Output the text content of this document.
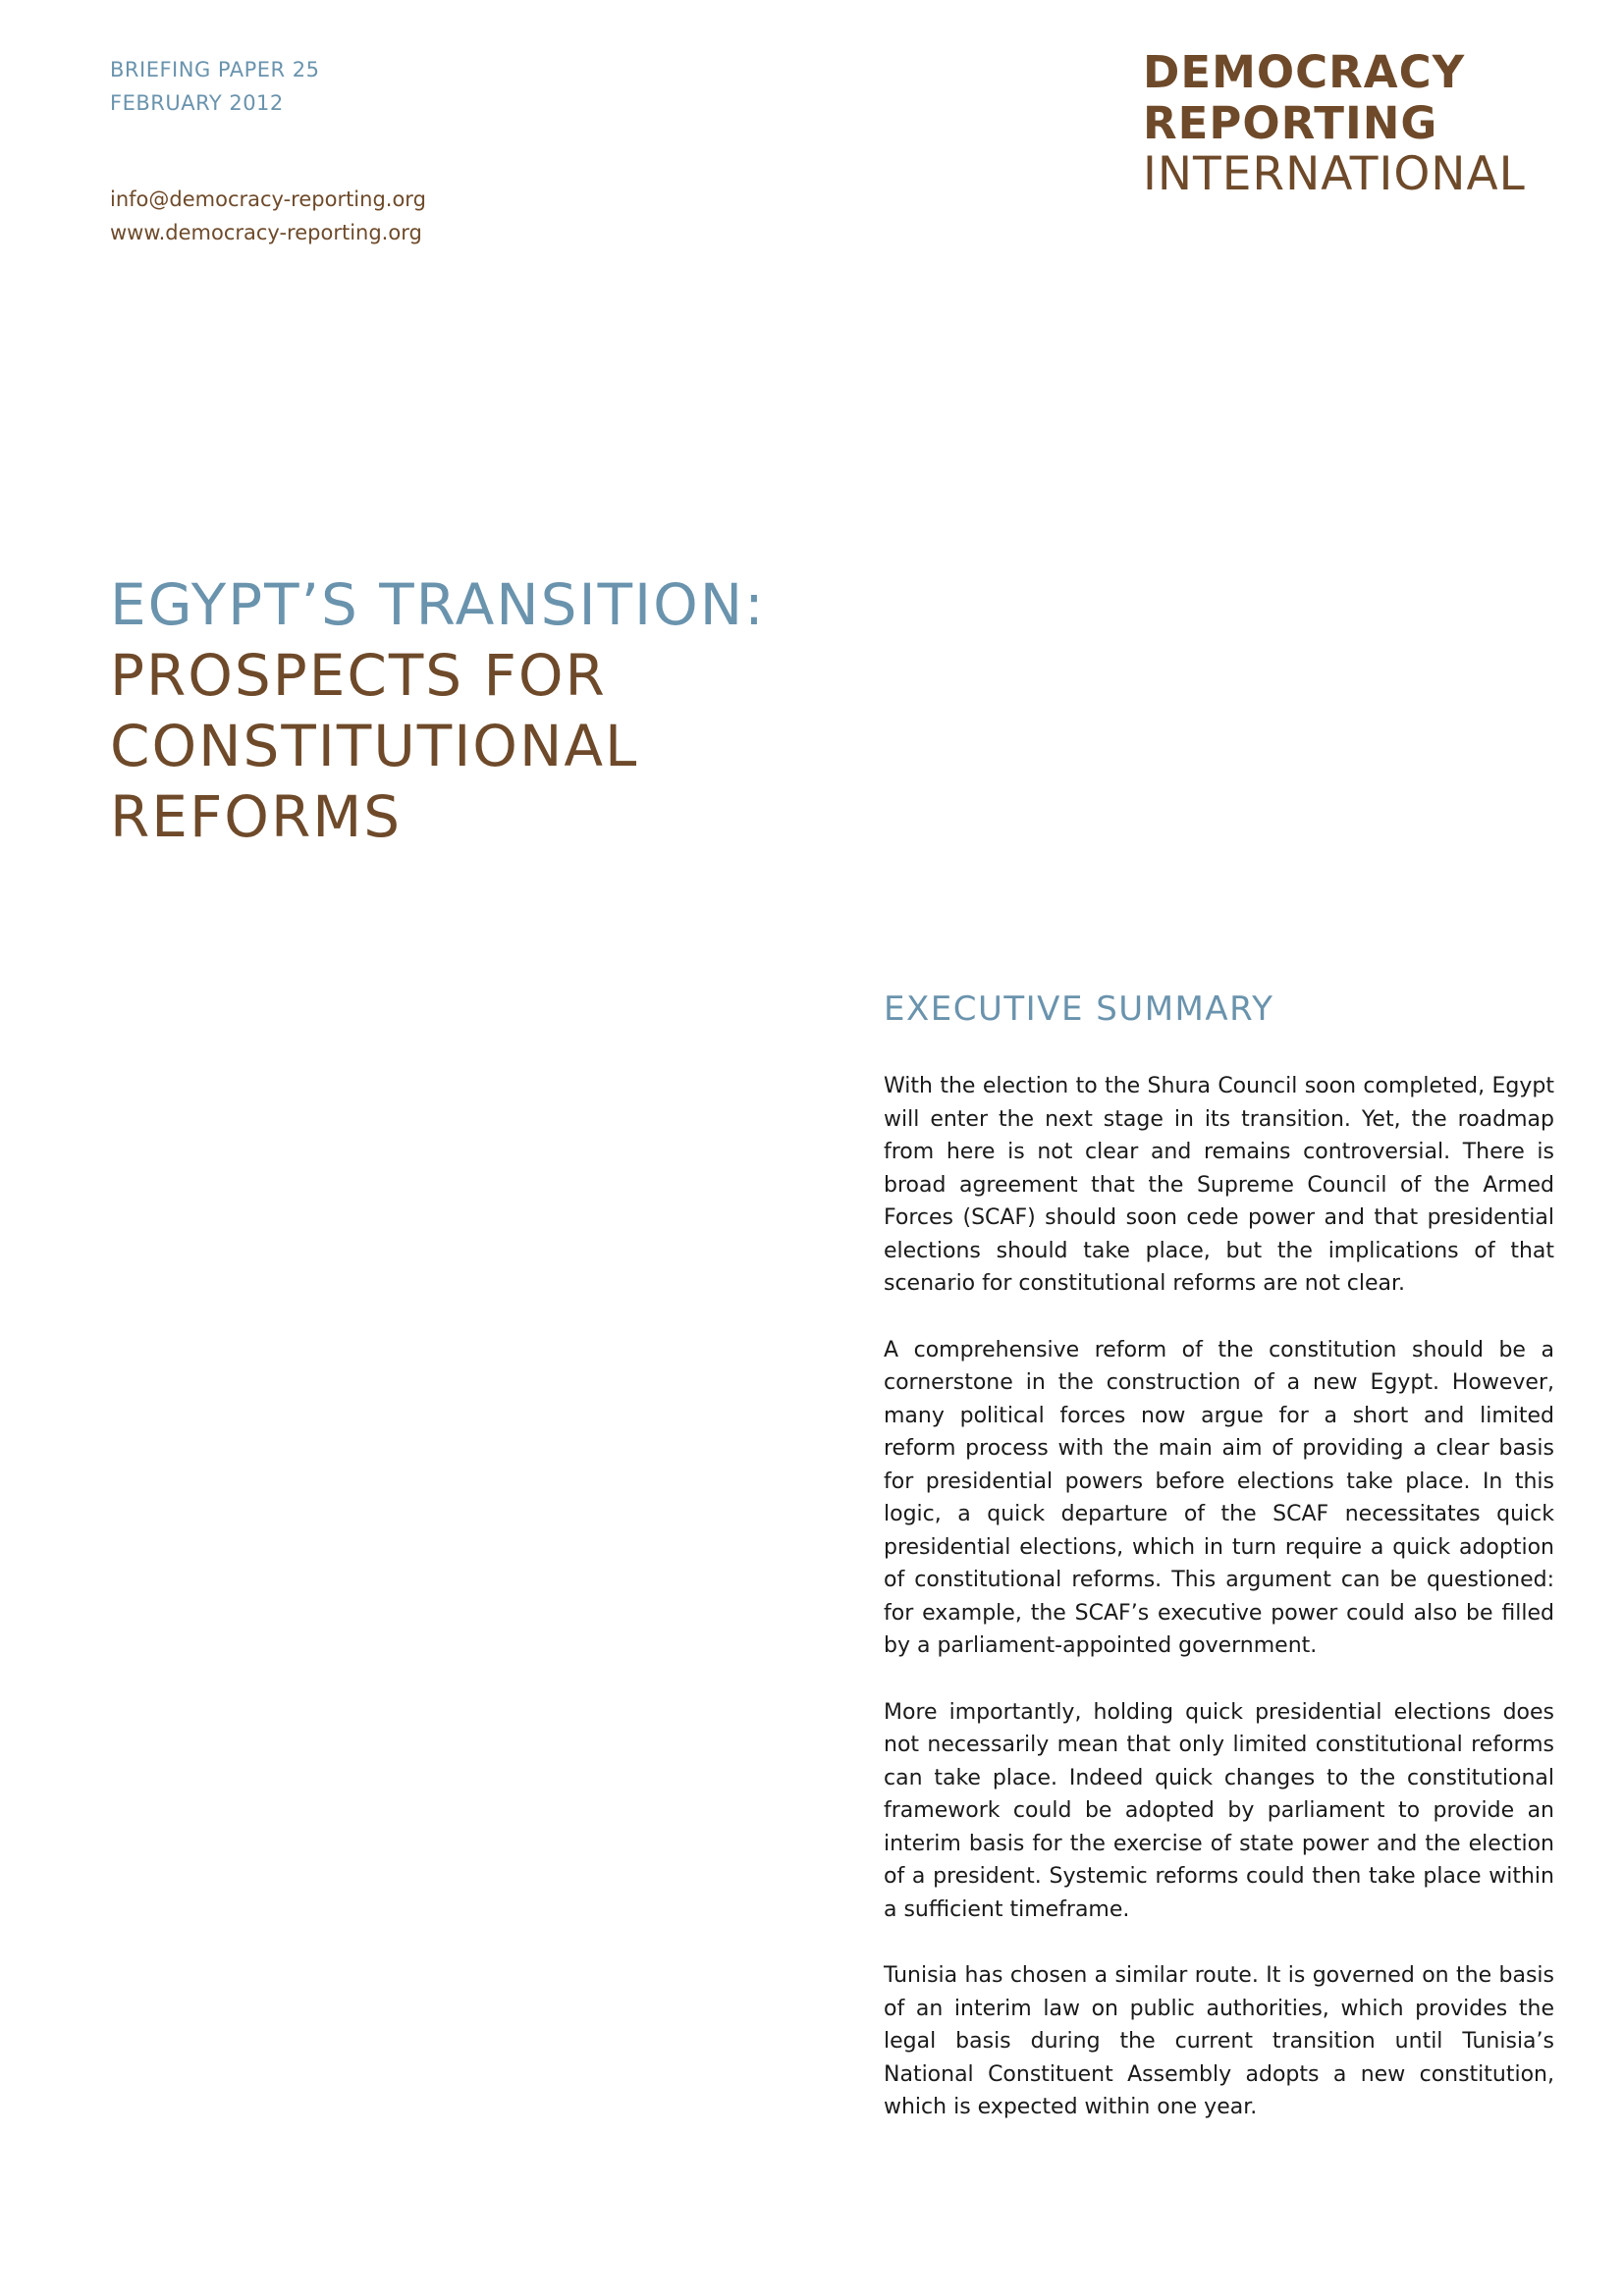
BRIEFING PAPER 25
FEBRUARY 2012
info@democracy-reporting.org
www.democracy-reporting.org
DEMOCRACY
REPORTING
INTERNATIONAL
EGYPT’S TRANSITION:
PROSPECTS FOR
CONSTITUTIONAL
REFORMS
EXECUTIVE SUMMARY

With the election to the Shura Council soon completed, Egypt will enter the next stage in its transition. Yet, the roadmap from here is not clear and remains controversial. There is broad agreement that the Supreme Council of the Armed Forces (SCAF) should soon cede power and that presidential elections should take place, but the implications of that scenario for constitutional reforms are not clear.

A comprehensive reform of the constitution should be a cornerstone in the construction of a new Egypt. However, many political forces now argue for a short and limited reform process with the main aim of providing a clear basis for presidential powers before elections take place. In this logic, a quick departure of the SCAF necessitates quick presidential elections, which in turn require a quick adoption of constitutional reforms. This argument can be questioned: for example, the SCAF’s executive power could also be filled by a parliament-appointed government.

More importantly, holding quick presidential elections does not necessarily mean that only limited constitutional reforms can take place. Indeed quick changes to the constitutional framework could be adopted by parliament to provide an interim basis for the exercise of state power and the election of a president. Systemic reforms could then take place within a sufficient timeframe.

Tunisia has chosen a similar route. It is governed on the basis of an interim law on public authorities, which provides the legal basis during the current transition until Tunisia’s National Constituent Assembly adopts a new constitution, which is expected within one year.
